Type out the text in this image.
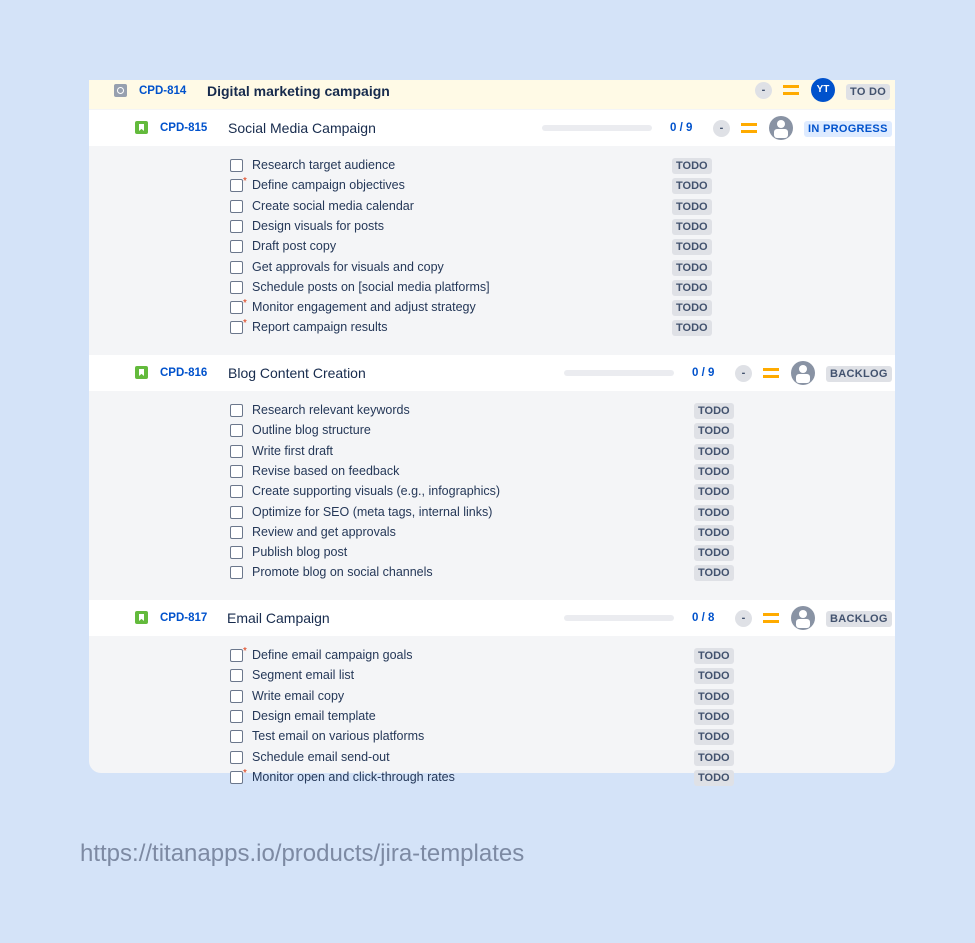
CPD-814 Digital marketing campaign	-	YT	TO DO
CPD-815 Social Media Campaign	0 / 9	-	IN PROGRESS
Research target audience	TODO
* Define campaign objectives	TODO
Create social media calendar	TODO
Design visuals for posts	TODO
Draft post copy	TODO
Get approvals for visuals and copy	TODO
Schedule posts on [social media platforms]	TODO
* Monitor engagement and adjust strategy	TODO
* Report campaign results	TODO
CPD-816 Blog Content Creation	0 / 9	-	BACKLOG
Research relevant keywords	TODO
Outline blog structure	TODO
Write first draft	TODO
Revise based on feedback	TODO
Create supporting visuals (e.g., infographics)	TODO
Optimize for SEO (meta tags, internal links)	TODO
Review and get approvals	TODO
Publish blog post	TODO
Promote blog on social channels	TODO
CPD-817 Email Campaign	0 / 8	-	BACKLOG
* Define email campaign goals	TODO
Segment email list	TODO
Write email copy	TODO
Design email template	TODO
Test email on various platforms	TODO
Schedule email send-out	TODO
* Monitor open and click-through rates	TODO
https://titanapps.io/products/jira-templates
